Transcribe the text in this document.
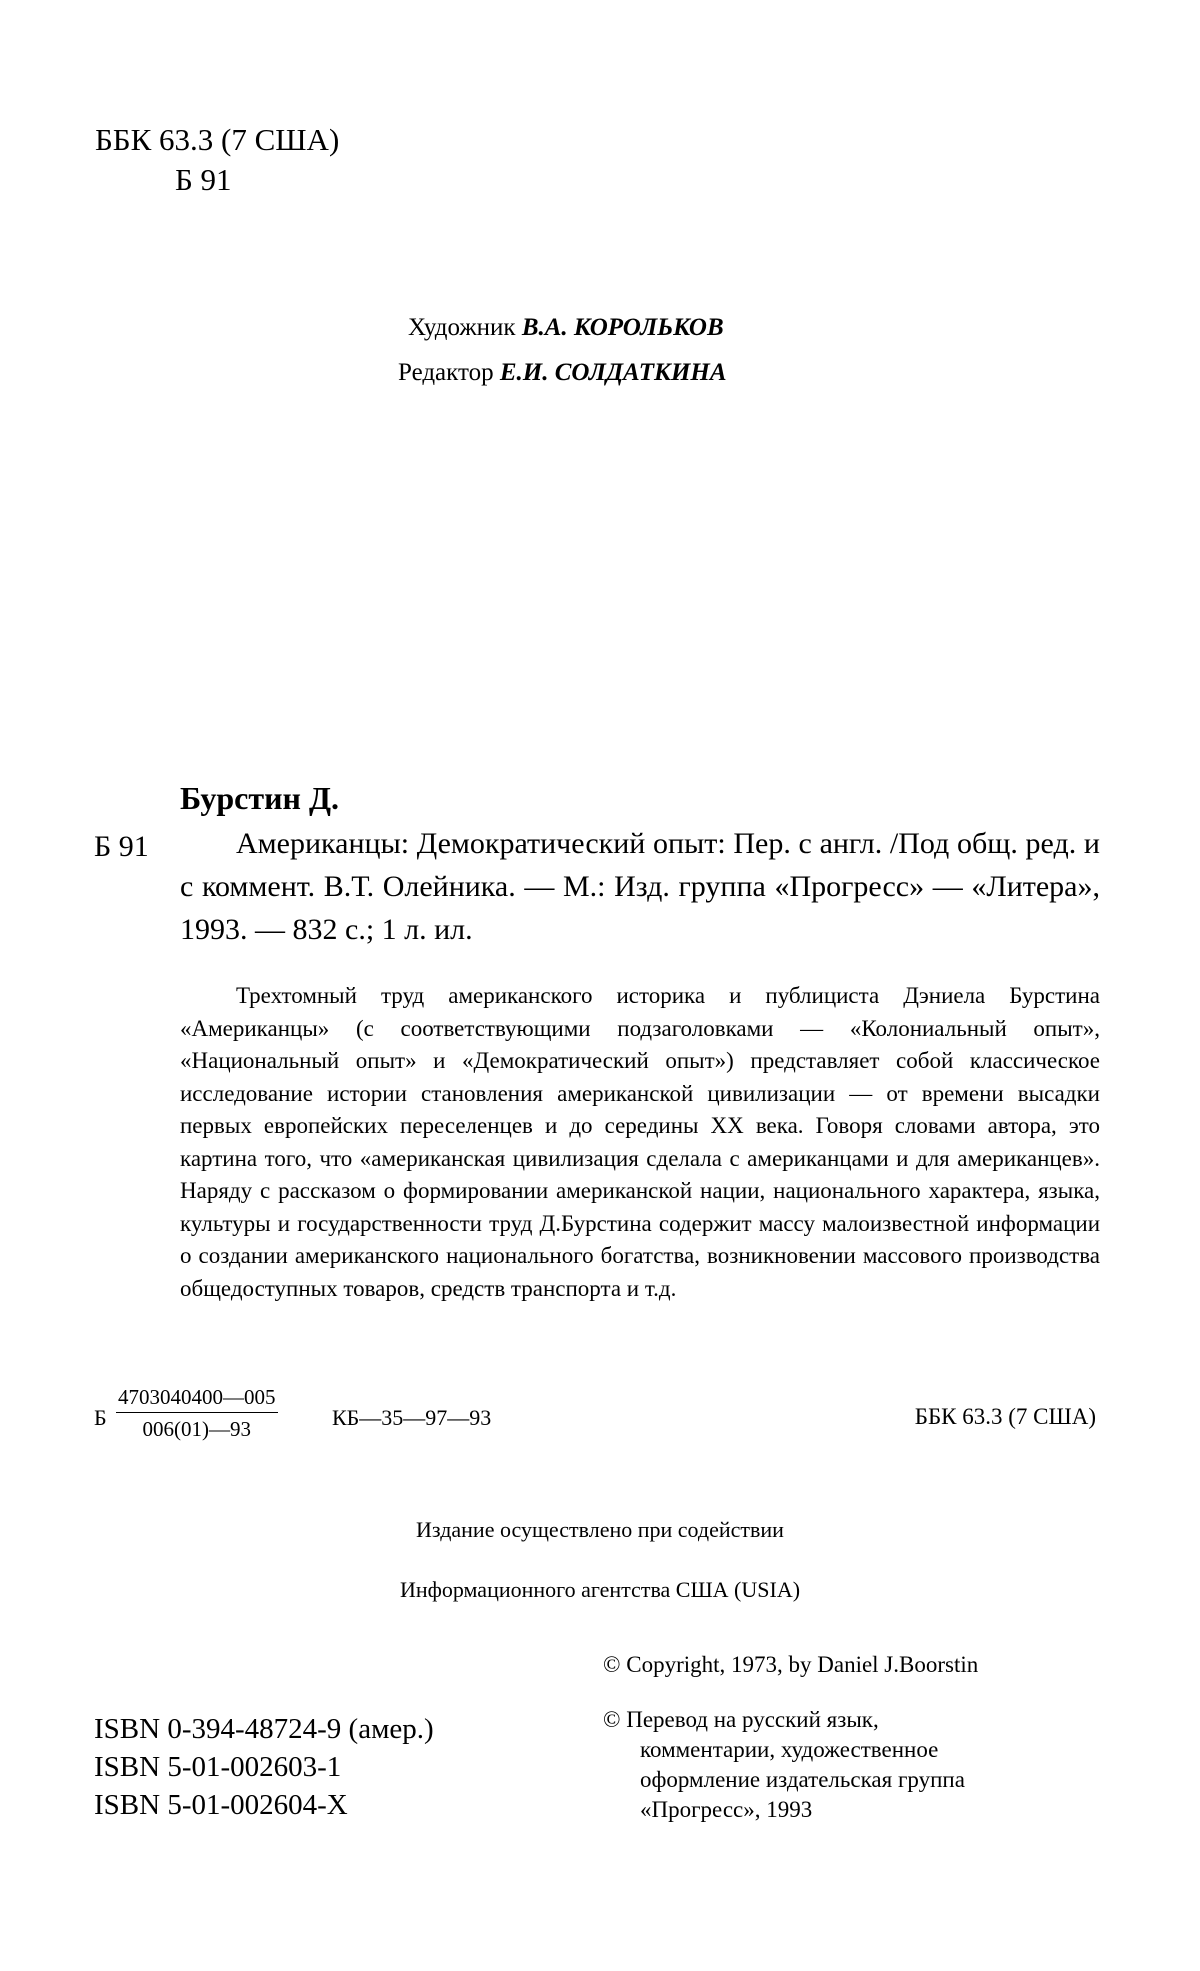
ББК 63.3 (7 США)
Б 91
Художник В.А. КОРОЛЬКОВ
Редактор Е.И. СОЛДАТКИНА
Бурстин Д.
Б 91	Американцы: Демократический опыт: Пер. с англ. /Под общ. ред. и с коммент. В.Т. Олейника. — М.: Изд. группа «Прогресс» — «Литера», 1993. — 832 с.; 1 л. ил.

Трехтомный труд американского историка и публициста Дэниела Бурстина «Американцы» (с соответствующими подзаголовками — «Колониальный опыт», «Национальный опыт» и «Демократический опыт») представляет собой классическое исследование истории становления американской цивилизации — от времени высадки первых европейских переселенцев и до середины XX века. Говоря словами автора, это картина того, что «американская цивилизация сделала с американцами и для американцев». Наряду с рассказом о формировании американской нации, национального характера, языка, культуры и государственности труд Д.Бурстина содержит массу малоизвестной информации о создании американского национального богатства, возникновении массового производства общедоступных товаров, средств транспорта и т.д.

Б $\frac{4703040400—005}{006(01)—93}$ КБ—35—97—93	ББК 63.3 (7 США)
Издание осуществлено при содействии
Информационного агентства США (USIA)
© Copyright, 1973, by Daniel J.Boorstin
© Перевод на русский язык,
комментарии, художественное
оформление издательская группа
«Прогресс», 1993
ISBN 0-394-48724-9 (амер.)
ISBN 5-01-002603-1
ISBN 5-01-002604-X
